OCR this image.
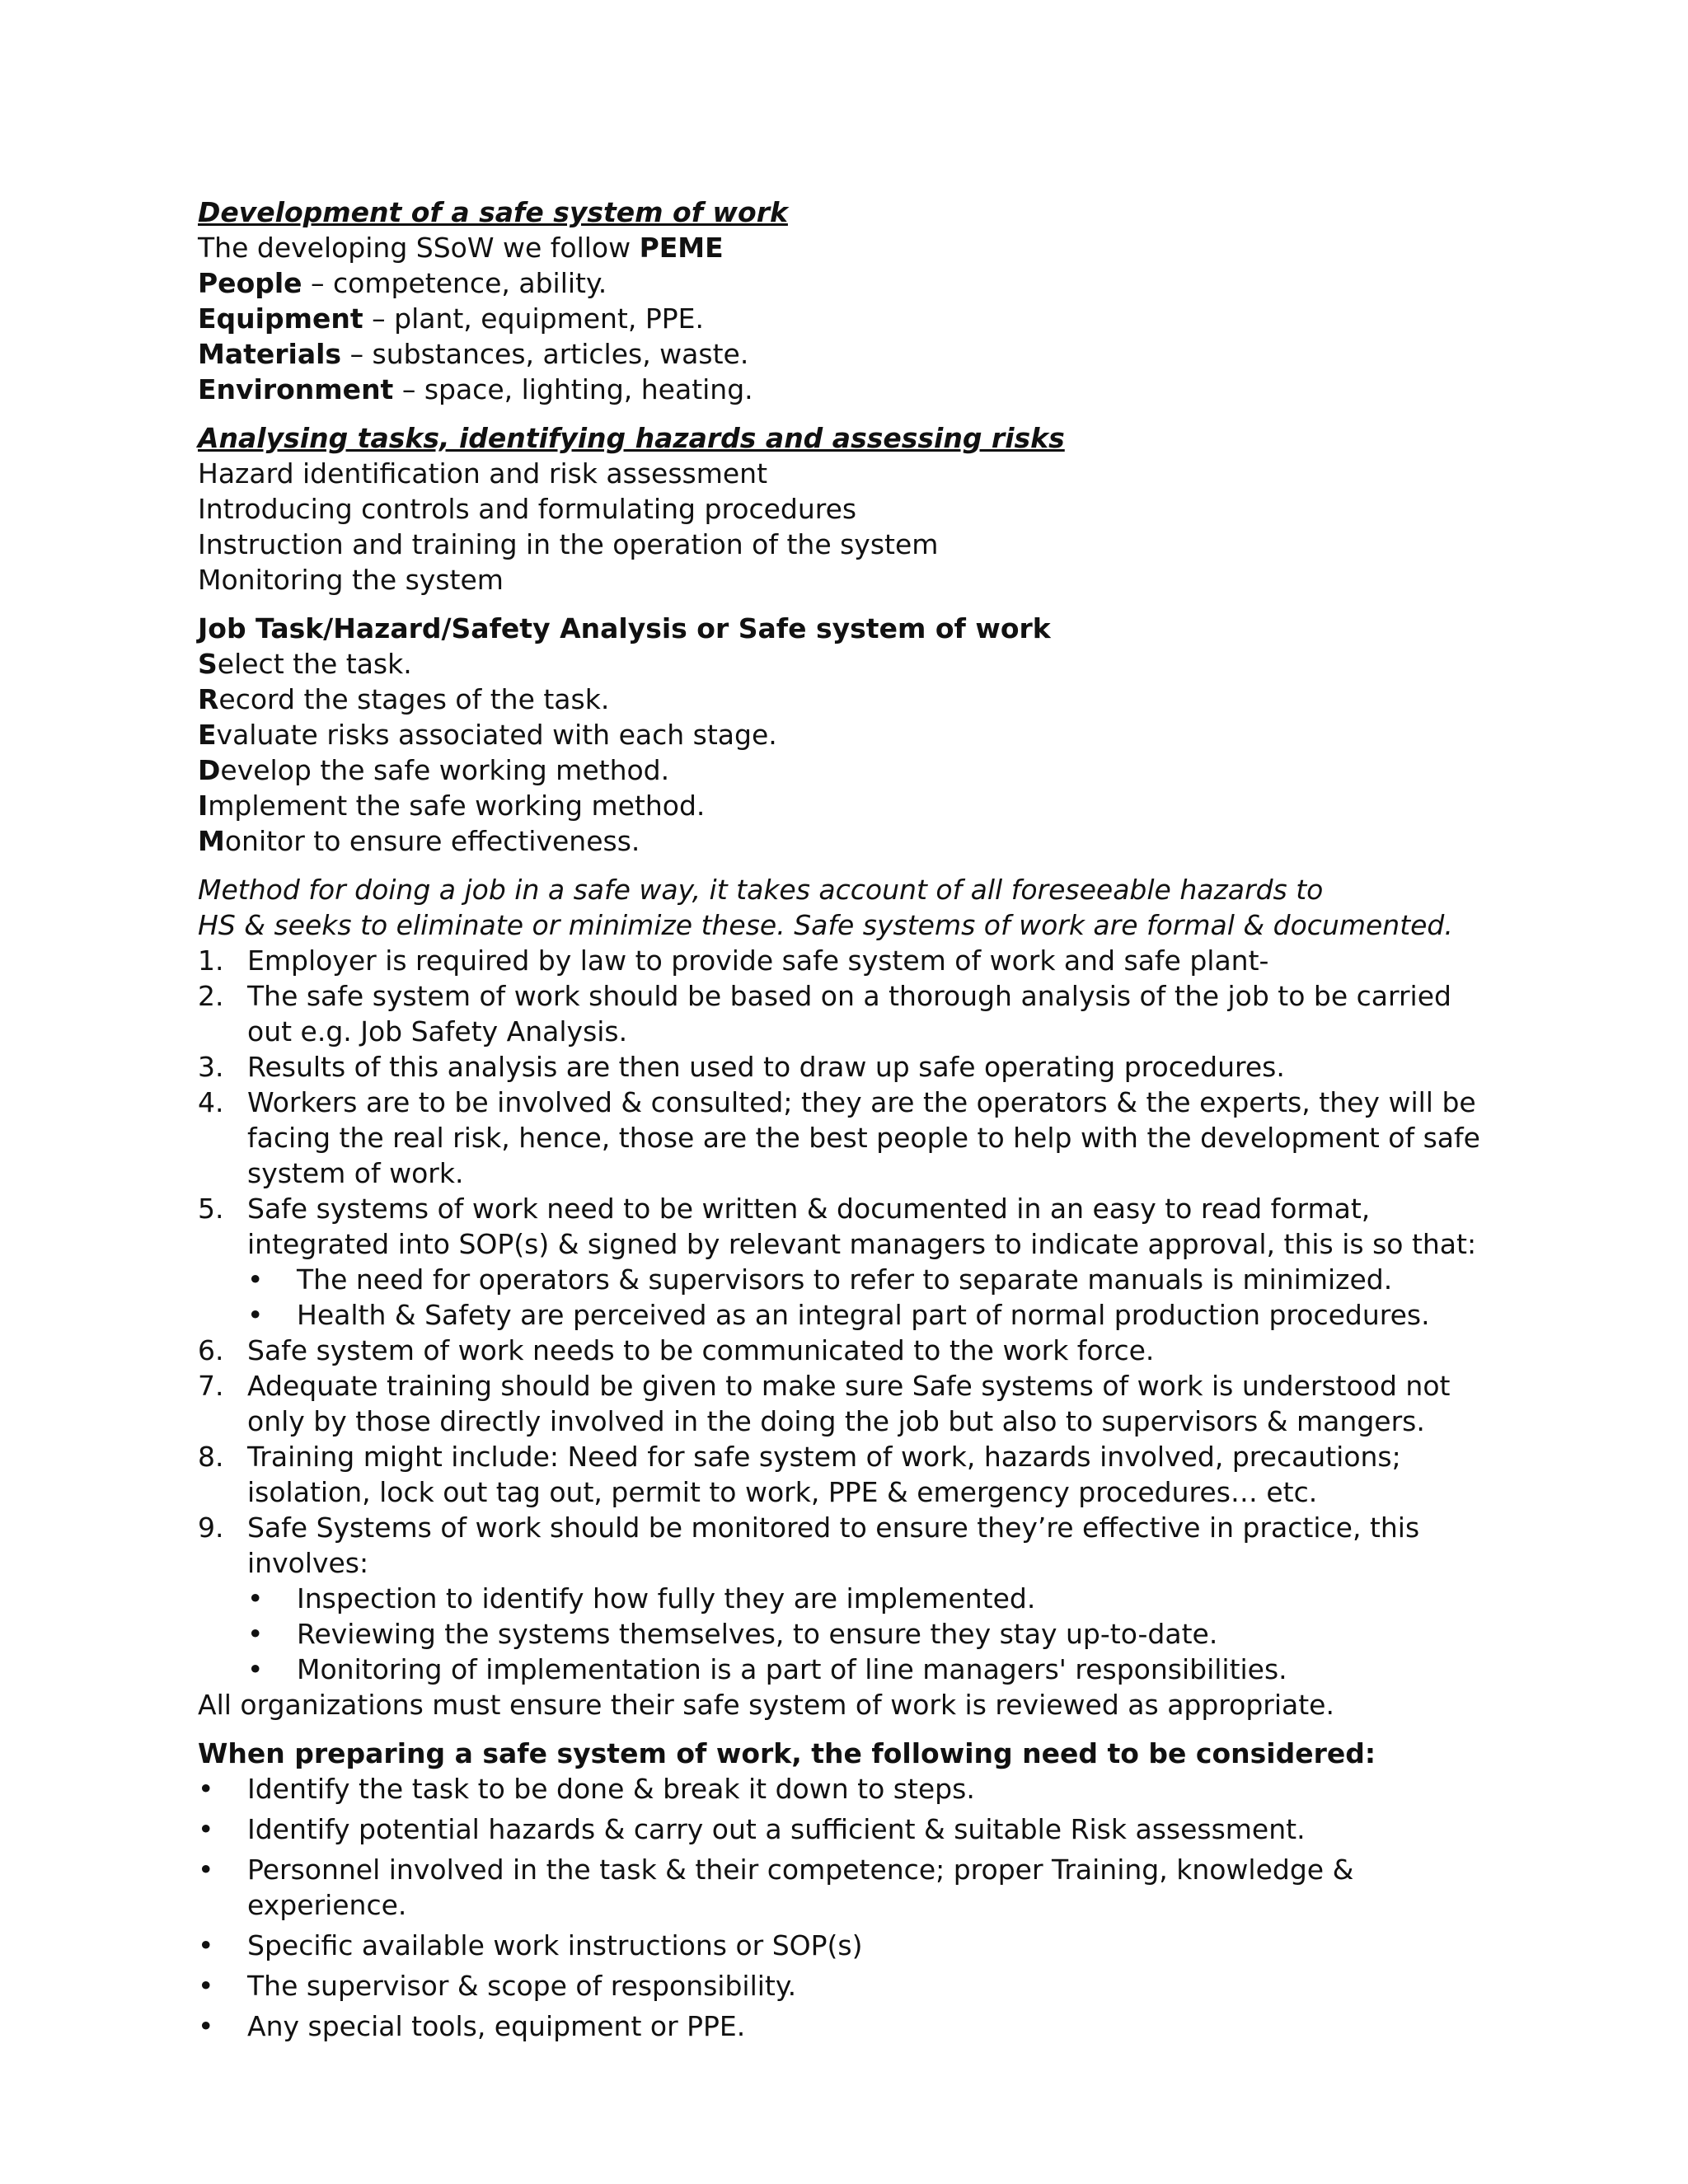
Development of a safe system of work
The developing SSoW we follow PEME
People – competence, ability.
Equipment – plant, equipment, PPE.
Materials – substances, articles, waste.
Environment – space, lighting, heating.
Analysing tasks, identifying hazards and assessing risks
Hazard identification and risk assessment
Introducing controls and formulating procedures
Instruction and training in the operation of the system
Monitoring the system
Job Task/Hazard/Safety Analysis or Safe system of work
Select the task.
Record the stages of the task.
Evaluate risks associated with each stage.
Develop the safe working method.
Implement the safe working method.
Monitor to ensure effectiveness.
Method for doing a job in a safe way, it takes account of all foreseeable hazards to
HS & seeks to eliminate or minimize these. Safe systems of work are formal & documented.
1. Employer is required by law to provide safe system of work and safe plant-
2. The safe system of work should be based on a thorough analysis of the job to be carried out e.g. Job Safety Analysis.
3. Results of this analysis are then used to draw up safe operating procedures.
4. Workers are to be involved & consulted; they are the operators & the experts, they will be facing the real risk, hence, those are the best people to help with the development of safe system of work.
5. Safe systems of work need to be written & documented in an easy to read format, integrated into SOP(s) & signed by relevant managers to indicate approval, this is so that:
• The need for operators & supervisors to refer to separate manuals is minimized.
• Health & Safety are perceived as an integral part of normal production procedures.
6. Safe system of work needs to be communicated to the work force.
7. Adequate training should be given to make sure Safe systems of work is understood not only by those directly involved in the doing the job but also to supervisors & mangers.
8. Training might include: Need for safe system of work, hazards involved, precautions; isolation, lock out tag out, permit to work, PPE & emergency procedures… etc.
9. Safe Systems of work should be monitored to ensure they’re effective in practice, this involves:
• Inspection to identify how fully they are implemented.
• Reviewing the systems themselves, to ensure they stay up-to-date.
• Monitoring of implementation is a part of line managers' responsibilities.
All organizations must ensure their safe system of work is reviewed as appropriate.
When preparing a safe system of work, the following need to be considered:
• Identify the task to be done & break it down to steps.
• Identify potential hazards & carry out a sufficient & suitable Risk assessment.
• Personnel involved in the task & their competence; proper Training, knowledge & experience.
• Specific available work instructions or SOP(s)
• The supervisor & scope of responsibility.
• Any special tools, equipment or PPE.
